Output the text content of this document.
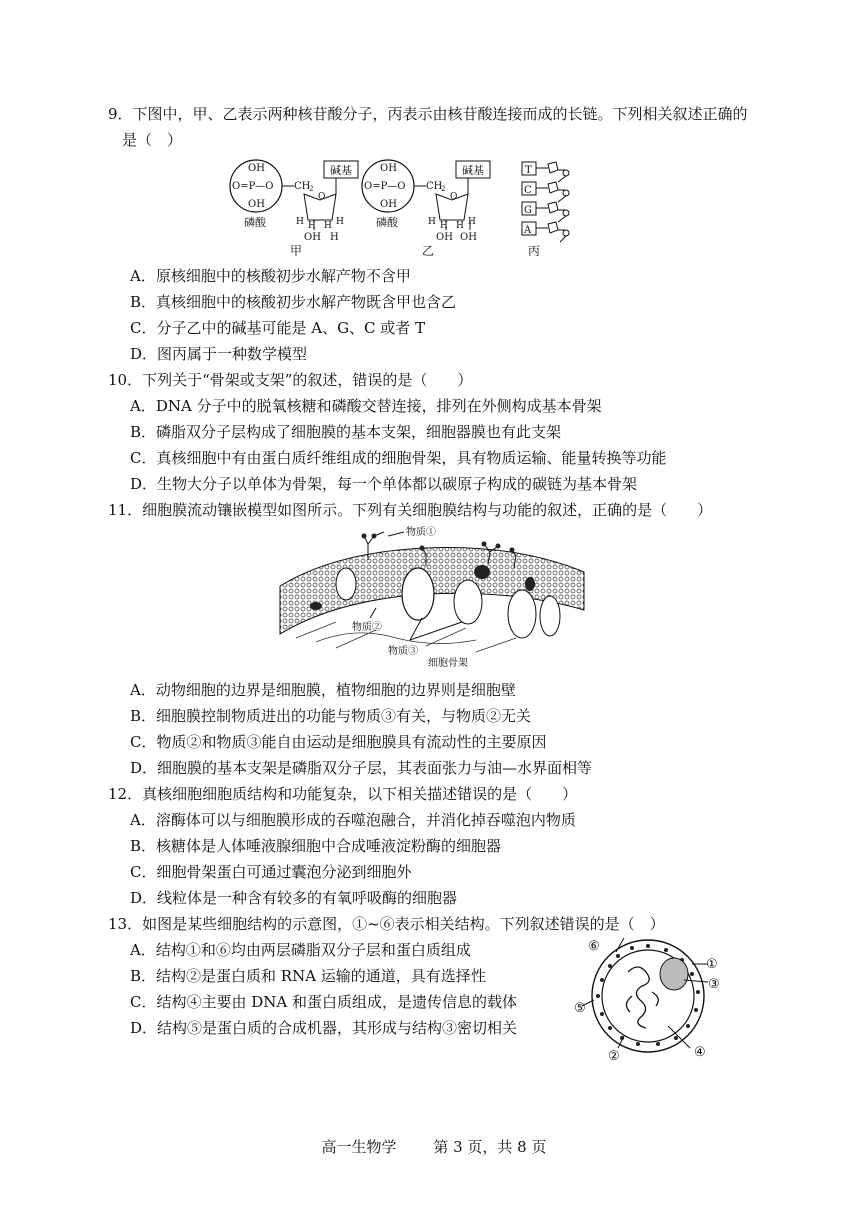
9．下图中，甲、乙表示两种核苷酸分子，丙表示由核苷酸连接而成的长链。下列相关叙述正确的
是（　）
OH
O=P—O
OH
磷酸
CH
2
O
碱基
H H H H
OH H
甲
OH
O=P—O
OH
磷酸
CH
2
O
碱基
H H H H
OH OH
乙
T
C
G
A
丙
A．原核细胞中的核酸初步水解产物不含甲
B．真核细胞中的核酸初步水解产物既含甲也含乙
C．分子乙中的碱基可能是 A、G、C 或者 T
D．图丙属于一种数学模型
10．下列关于“骨架或支架”的叙述，错误的是（　　）
A．DNA 分子中的脱氧核糖和磷酸交替连接，排列在外侧构成基本骨架
B．磷脂双分子层构成了细胞膜的基本支架，细胞器膜也有此支架
C．真核细胞中有由蛋白质纤维组成的细胞骨架，具有物质运输、能量转换等功能
D．生物大分子以单体为骨架，每一个单体都以碳原子构成的碳链为基本骨架
11．细胞膜流动镶嵌模型如图所示。下列有关细胞膜结构与功能的叙述，正确的是（　　）
物质①
物质②
物质③
细胞骨架
A．动物细胞的边界是细胞膜，植物细胞的边界则是细胞壁
B．细胞膜控制物质进出的功能与物质③有关，与物质②无关
C．物质②和物质③能自由运动是细胞膜具有流动性的主要原因
D．细胞膜的基本支架是磷脂双分子层，其表面张力与油—水界面相等
12．真核细胞细胞质结构和功能复杂，以下相关描述错误的是（　　）
A．溶酶体可以与细胞膜形成的吞噬泡融合，并消化掉吞噬泡内物质
B．核糖体是人体唾液腺细胞中合成唾液淀粉酶的细胞器
C．细胞骨架蛋白可通过囊泡分泌到细胞外
D．线粒体是一种含有较多的有氧呼吸酶的细胞器
13．如图是某些细胞结构的示意图，①~⑥表示相关结构。下列叙述错误的是（　）
A．结构①和⑥均由两层磷脂双分子层和蛋白质组成
B．结构②是蛋白质和 RNA 运输的通道，具有选择性
C．结构④主要由 DNA 和蛋白质组成，是遗传信息的载体
D．结构⑤是蛋白质的合成机器，其形成与结构③密切相关
⑥
①
③
⑤
②	④
高一生物学 第 3 页，共 8 页
